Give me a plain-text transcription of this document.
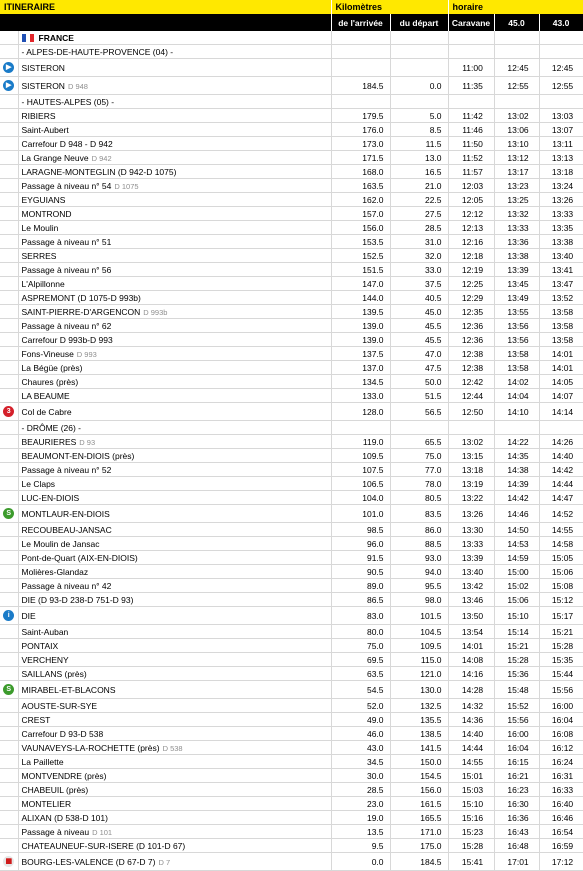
ITINERAIRE		Kilomètres		horaire		
		de l'arrivée	du départ	Caravane	45.0	43.0
	FRANCE					
	- ALPES-DE-HAUTE-PROVENCE (04) -					
▶	SISTERON			11:00	12:45	12:45
▶	SISTERON D 948	184.5	0.0	11:35	12:55	12:55
	- HAUTES-ALPES (05) -					
	RIBIERS	179.5	5.0	11:42	13:02	13:03
	Saint-Aubert	176.0	8.5	11:46	13:06	13:07
	Carrefour D 948 - D 942	173.0	11.5	11:50	13:10	13:11
	La Grange Neuve D 942	171.5	13.0	11:52	13:12	13:13
	LARAGNE-MONTEGLIN (D 942-D 1075)	168.0	16.5	11:57	13:17	13:18
	Passage à niveau n° 54 D 1075	163.5	21.0	12:03	13:23	13:24
	EYGUIANS	162.0	22.5	12:05	13:25	13:26
	MONTROND	157.0	27.5	12:12	13:32	13:33
	Le Moulin	156.0	28.5	12:13	13:33	13:35
	Passage à niveau n° 51	153.5	31.0	12:16	13:36	13:38
	SERRES	152.5	32.0	12:18	13:38	13:40
	Passage à niveau n° 56	151.5	33.0	12:19	13:39	13:41
	L'Alpillonne	147.0	37.5	12:25	13:45	13:47
	ASPREMONT (D 1075-D 993b)	144.0	40.5	12:29	13:49	13:52
	SAINT-PIERRE-D'ARGENCON D 993b	139.5	45.0	12:35	13:55	13:58
	Passage à niveau n° 62	139.0	45.5	12:36	13:56	13:58
	Carrefour D 993b-D 993	139.0	45.5	12:36	13:56	13:58
	Fons-Vineuse D 993	137.5	47.0	12:38	13:58	14:01
	La Bégüe (près)	137.0	47.5	12:38	13:58	14:01
	Chaures (près)	134.5	50.0	12:42	14:02	14:05
	LA BEAUME	133.0	51.5	12:44	14:04	14:07
3	Col de Cabre	128.0	56.5	12:50	14:10	14:14
	- DRÔME (26) -					
	BEAURIERES D 93	119.0	65.5	13:02	14:22	14:26
	BEAUMONT-EN-DIOIS (près)	109.5	75.0	13:15	14:35	14:40
	Passage à niveau n° 52	107.5	77.0	13:18	14:38	14:42
	Le Claps	106.5	78.0	13:19	14:39	14:44
	LUC-EN-DIOIS	104.0	80.5	13:22	14:42	14:47
S	MONTLAUR-EN-DIOIS	101.0	83.5	13:26	14:46	14:52
	RECOUBEAU-JANSAC	98.5	86.0	13:30	14:50	14:55
	Le Moulin de Jansac	96.0	88.5	13:33	14:53	14:58
	Pont-de-Quart (AIX-EN-DIOIS)	91.5	93.0	13:39	14:59	15:05
	Molières-Glandaz	90.5	94.0	13:40	15:00	15:06
	Passage à niveau n° 42	89.0	95.5	13:42	15:02	15:08
	DIE (D 93-D 238-D 751-D 93)	86.5	98.0	13:46	15:06	15:12
i	DIE	83.0	101.5	13:50	15:10	15:17
	Saint-Auban	80.0	104.5	13:54	15:14	15:21
	PONTAIX	75.0	109.5	14:01	15:21	15:28
	VERCHENY	69.5	115.0	14:08	15:28	15:35
	SAILLANS (près)	63.5	121.0	14:16	15:36	15:44
S	MIRABEL-ET-BLACONS	54.5	130.0	14:28	15:48	15:56
	AOUSTE-SUR-SYE	52.0	132.5	14:32	15:52	16:00
	CREST	49.0	135.5	14:36	15:56	16:04
	Carrefour D 93-D 538	46.0	138.5	14:40	16:00	16:08
	VAUNAVEYS-LA-ROCHETTE (près) D 538	43.0	141.5	14:44	16:04	16:12
	La Paillette	34.5	150.0	14:55	16:15	16:24
	MONTVENDRE (près)	30.0	154.5	15:01	16:21	16:31
	CHABEUIL (près)	28.5	156.0	15:03	16:23	16:33
	MONTELIER	23.0	161.5	15:10	16:30	16:40
	ALIXAN (D 538-D 101)	19.0	165.5	15:16	16:36	16:46
	Passage à niveau D 101	13.5	171.0	15:23	16:43	16:54
	CHATEAUNEUF-SUR-ISERE (D 101-D 67)	9.5	175.0	15:28	16:48	16:59
▦	BOURG-LES-VALENCE (D 67-D 7) D 7	0.0	184.5	15:41	17:01	17:12
